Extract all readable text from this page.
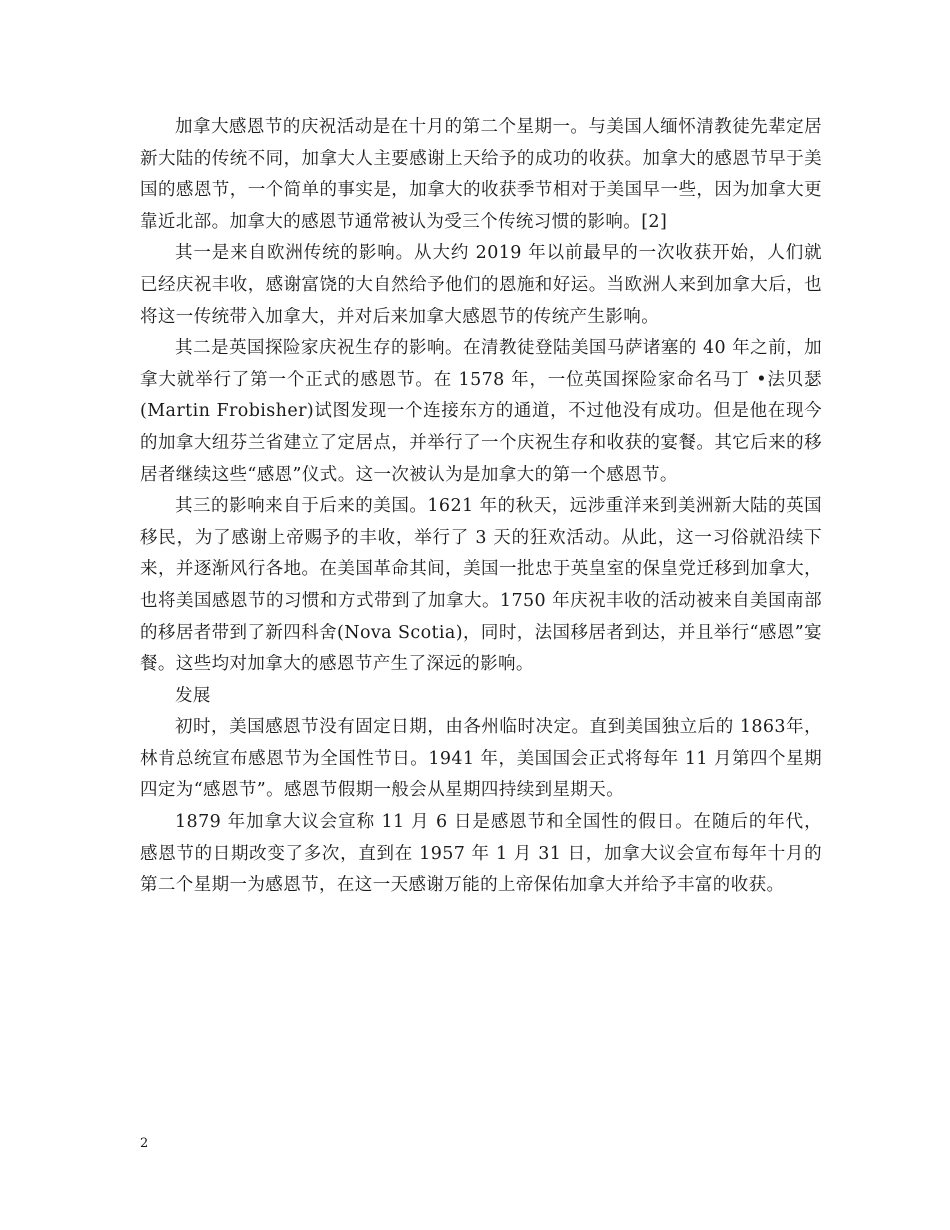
加拿大感恩节的庆祝活动是在十月的第二个星期一。与美国人缅怀清教徒先辈定居新大陆的传统不同，加拿大人主要感谢上天给予的成功的收获。加拿大的感恩节早于美国的感恩节，一个简单的事实是，加拿大的收获季节相对于美国早一些，因为加拿大更靠近北部。加拿大的感恩节通常被认为受三个传统习惯的影响。[2]

其一是来自欧洲传统的影响。从大约 2019 年以前最早的一次收获开始，人们就已经庆祝丰收，感谢富饶的大自然给予他们的恩施和好运。当欧洲人来到加拿大后，也将这一传统带入加拿大，并对后来加拿大感恩节的传统产生影响。

其二是英国探险家庆祝生存的影响。在清教徒登陆美国马萨诸塞的 40 年之前，加拿大就举行了第一个正式的感恩节。在 1578 年，一位英国探险家命名马丁 •法贝瑟(Martin Frobisher)试图发现一个连接东方的通道，不过他没有成功。但是他在现今的加拿大纽芬兰省建立了定居点，并举行了一个庆祝生存和收获的宴餐。其它后来的移居者继续这些“感恩”仪式。这一次被认为是加拿大的第一个感恩节。

其三的影响来自于后来的美国。1621 年的秋天，远涉重洋来到美洲新大陆的英国移民，为了感谢上帝赐予的丰收，举行了 3 天的狂欢活动。从此，这一习俗就沿续下来，并逐渐风行各地。在美国革命其间，美国一批忠于英皇室的保皇党迁移到加拿大，也将美国感恩节的习惯和方式带到了加拿大。1750 年庆祝丰收的活动被来自美国南部的移居者带到了新四科舍(Nova Scotia)，同时，法国移居者到达，并且举行“感恩”宴餐。这些均对加拿大的感恩节产生了深远的影响。

发展

初时，美国感恩节没有固定日期，由各州临时决定。直到美国独立后的 1863年，林肯总统宣布感恩节为全国性节日。1941 年，美国国会正式将每年 11 月第四个星期四定为“感恩节”。感恩节假期一般会从星期四持续到星期天。

1879 年加拿大议会宣称 11 月 6 日是感恩节和全国性的假日。在随后的年代，感恩节的日期改变了多次，直到在 1957 年 1 月 31 日，加拿大议会宣布每年十月的第二个星期一为感恩节，在这一天感谢万能的上帝保佑加拿大并给予丰富的收获。

2
